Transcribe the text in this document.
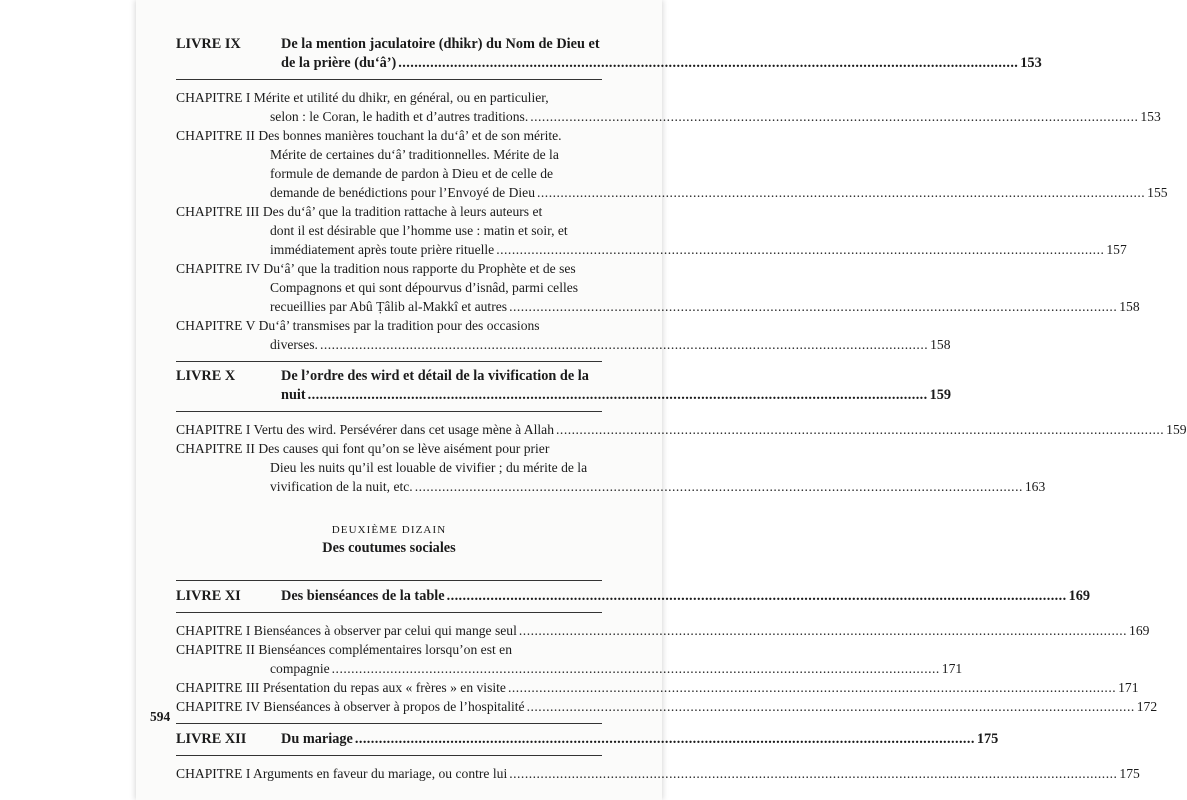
LIVRE IX	De la mention jaculatoire (dhikr) du Nom de Dieu et
de la prière (du‘â’) .....	153
CHAPITRE I Mérite et utilité du dhikr, en général, ou en particulier,
selon : le Coran, le hadith et d’autres traditions. .....	153
CHAPITRE II Des bonnes manières touchant la du‘â’ et de son mérite.
Mérite de certaines du‘â’ traditionnelles. Mérite de la
formule de demande de pardon à Dieu et de celle de
demande de benédictions pour l’Envoyé de Dieu .....	155
CHAPITRE III Des du‘â’ que la tradition rattache à leurs auteurs et
dont il est désirable que l’homme use : matin et soir, et
immédiatement après toute prière rituelle .....	157
CHAPITRE IV Du‘â’ que la tradition nous rapporte du Prophète et de ses
Compagnons et qui sont dépourvus d’isnâd, parmi celles
recueillies par Abû Ṭâlib al-Makkî et autres .....	158
CHAPITRE V Du‘â’ transmises par la tradition pour des occasions
diverses. .....	158
LIVRE X	De l’ordre des wird et détail de la vivification de la
nuit .....	159
CHAPITRE I Vertu des wird. Persévérer dans cet usage mène à Allah .....	159
CHAPITRE II Des causes qui font qu’on se lève aisément pour prier
Dieu les nuits qu’il est louable de vivifier ; du mérite de la
vivification de la nuit, etc. .....	163
DEUXIÈME DIZAIN
Des coutumes sociales
LIVRE XI	Des bienséances de la table .....	169
CHAPITRE I Bienséances à observer par celui qui mange seul .....	169
CHAPITRE II Bienséances complémentaires lorsqu’on est en
compagnie .....	171
CHAPITRE III Présentation du repas aux « frères » en visite .....	171
CHAPITRE IV Bienséances à observer à propos de l’hospitalité .....	172
LIVRE XII	Du mariage .....	175
CHAPITRE I Arguments en faveur du mariage, ou contre lui .....	175
594
